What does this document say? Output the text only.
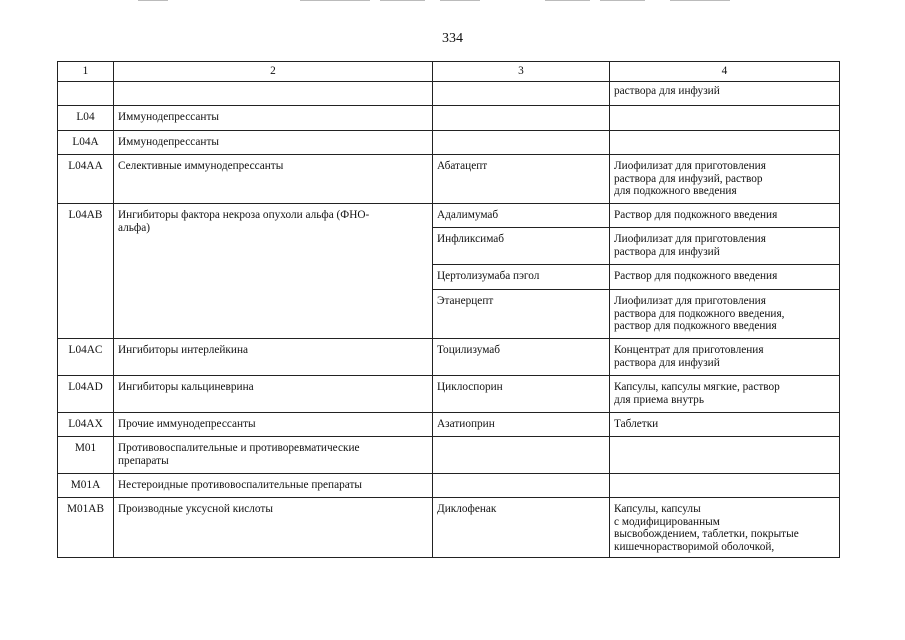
334
1	2	3	4
			раствора для инфузий
L04	Иммунодепрессанты		
L04A	Иммунодепрессанты		
L04AA	Селективные иммунодепрессанты	Абатацепт	Лиофилизат для приготовления
раствора для инфузий, раствор
для подкожного введения
L04AB	Ингибиторы фактора некроза опухоли альфа (ФНО-
альфа)	Адалимумаб	Раствор для подкожного введения
		Инфликсимаб	Лиофилизат для приготовления
раствора для инфузий
		Цертолизумаба пэгол	Раствор для подкожного введения
		Этанерцепт	Лиофилизат для приготовления
раствора для подкожного введения,
раствор для подкожного введения
L04AC	Ингибиторы интерлейкина	Тоцилизумаб	Концентрат для приготовления
раствора для инфузий
L04AD	Ингибиторы кальциневрина	Циклоспорин	Капсулы, капсулы мягкие, раствор
для приема внутрь
L04AX	Прочие иммунодепрессанты	Азатиоприн	Таблетки
M01	Противовоспалительные и противоревматические
препараты		
M01A	Нестероидные противовоспалительные препараты		
M01AB	Производные уксусной кислоты	Диклофенак	Капсулы, капсулы
с модифицированным
высвобождением, таблетки, покрытые
кишечнорастворимой оболочкой,
